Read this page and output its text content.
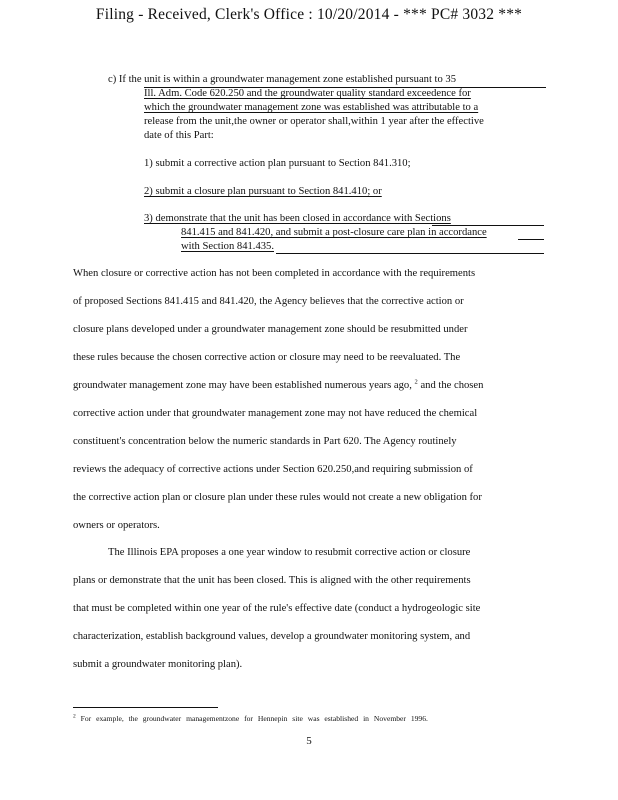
Filing - Received, Clerk's Office : 10/20/2014 - *** PC# 3032 ***
c) If the unit is within a groundwater management zone established pursuant to 35
Ill. Adm. Code 620.250 and the groundwater quality standard exceedence for
which the groundwater management zone was established was attributable to a
release from the unit,the owner or operator shall,within 1 year after the effective
date of this Part:
1) submit a corrective action plan pursuant to Section 841.310;
2) submit a closure plan pursuant to Section 841.410; or
3) demonstrate that the unit has been closed in accordance with Sections
841.415 and 841.420, and submit a post-closure care plan in accordance
with Section 841.435.
When closure or corrective action has not been completed in accordance with the requirements
of proposed Sections 841.415 and 841.420, the Agency believes that the corrective action or
closure plans developed under a groundwater management zone should be resubmitted under
these rules because the chosen corrective action or closure may need to be reevaluated. The
groundwater management zone may have been established numerous years ago, $^2$ and the chosen
corrective action under that groundwater management zone may not have reduced the chemical
constituent's concentration below the numeric standards in Part 620. The Agency routinely
reviews the adequacy of corrective actions under Section 620.250,and requiring submission of
the corrective action plan or closure plan under these rules would not create a new obligation for
owners or operators.
The Illinois EPA proposes a one year window to resubmit corrective action or closure
plans or demonstrate that the unit has been closed. This is aligned with the other requirements
that must be completed within one year of the rule's effective date (conduct a hydrogeologic site
characterization, establish background values, develop a groundwater monitoring system, and
submit a groundwater monitoring plan).
$^2$ For example, the groundwater managementzone for Hennepin site was established in November 1996.
5
